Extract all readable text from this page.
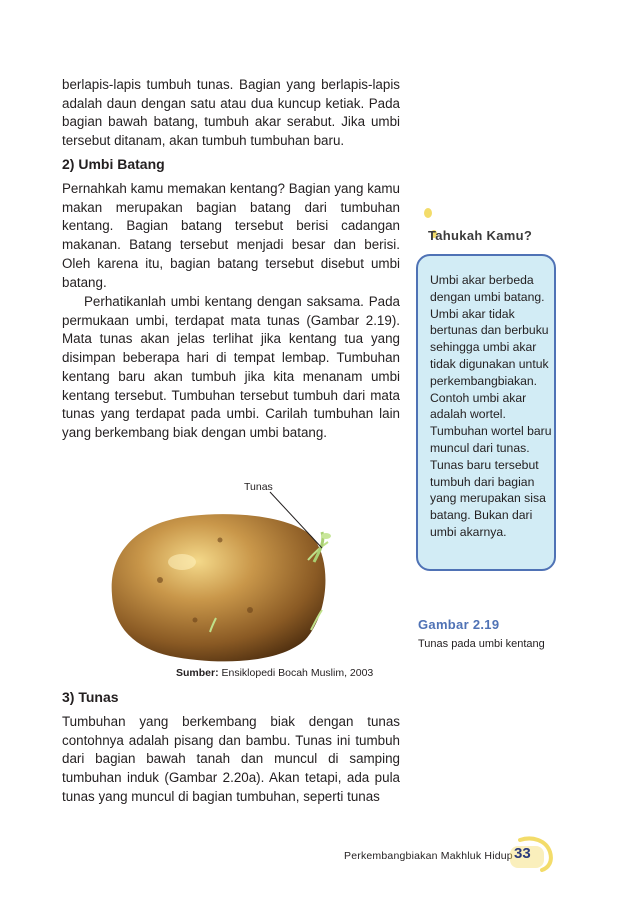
berlapis-lapis tumbuh tunas. Bagian yang berlapis-lapis adalah daun dengan satu atau dua kuncup ketiak. Pada bagian bawah batang, tumbuh akar serabut. Jika umbi tersebut ditanam, akan tumbuh tumbuhan baru.

2) Umbi Batang

Pernahkah kamu memakan kentang? Bagian yang kamu makan merupakan bagian batang dari tumbuhan kentang. Bagian batang tersebut berisi cadangan makanan. Batang tersebut menjadi besar dan berisi. Oleh karena itu, bagian batang tersebut disebut umbi batang.

Perhatikanlah umbi kentang dengan saksama. Pada permukaan umbi, terdapat mata tunas (Gambar 2.19). Mata tunas akan jelas terlihat jika kentang tua yang disimpan beberapa hari di tempat lembap. Tumbuhan kentang baru akan tumbuh jika kita menanam umbi kentang tersebut. Tumbuhan tersebut tumbuh dari mata tunas yang terdapat pada umbi. Carilah tumbuhan lain yang berkembang biak dengan umbi batang.

Tunas
Sumber: Ensiklopedi Bocah Muslim, 2003
Tahukah Kamu?

Umbi akar berbeda dengan umbi batang. Umbi akar tidak bertunas dan berbuku sehingga umbi akar tidak digunakan untuk perkembangbiakan. Contoh umbi akar adalah wortel. Tumbuhan wortel baru muncul dari tunas. Tunas baru tersebut tumbuh dari bagian yang merupakan sisa batang. Bukan dari umbi akarnya.

Gambar 2.19
Tunas pada umbi kentang
3) Tunas

Tumbuhan yang berkembang biak dengan tunas contohnya adalah pisang dan bambu. Tunas ini tumbuh dari bagian bawah tanah dan muncul di samping tumbuhan induk (Gambar 2.20a). Akan tetapi, ada pula tunas yang muncul di bagian tumbuhan, seperti tunas

Perkembangbiakan Makhluk Hidup 33
